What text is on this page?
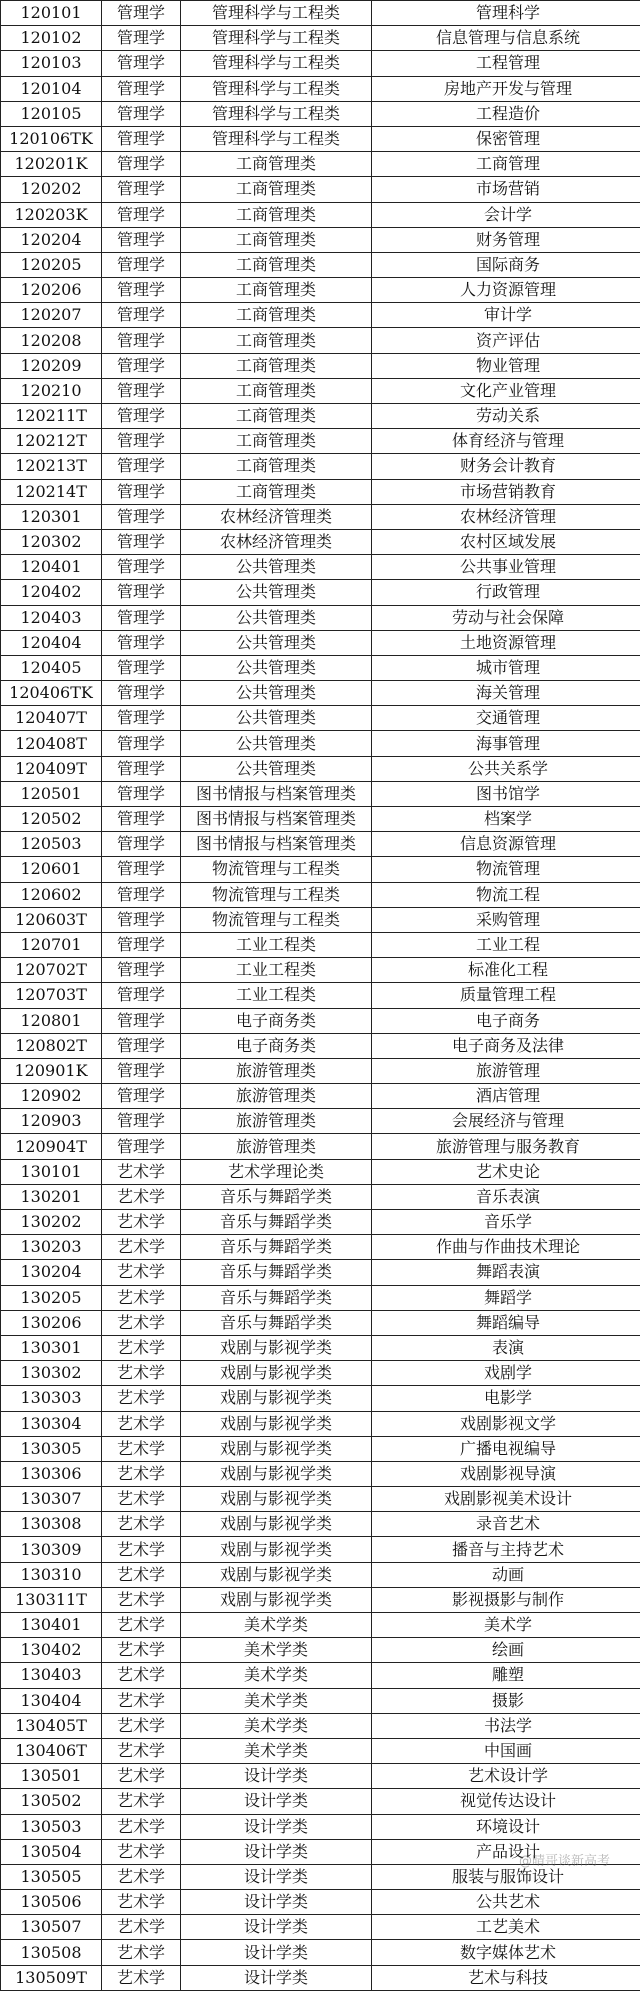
120101	管理学	管理科学与工程类	管理科学
120102	管理学	管理科学与工程类	信息管理与信息系统
120103	管理学	管理科学与工程类	工程管理
120104	管理学	管理科学与工程类	房地产开发与管理
120105	管理学	管理科学与工程类	工程造价
120106TK	管理学	管理科学与工程类	保密管理
120201K	管理学	工商管理类	工商管理
120202	管理学	工商管理类	市场营销
120203K	管理学	工商管理类	会计学
120204	管理学	工商管理类	财务管理
120205	管理学	工商管理类	国际商务
120206	管理学	工商管理类	人力资源管理
120207	管理学	工商管理类	审计学
120208	管理学	工商管理类	资产评估
120209	管理学	工商管理类	物业管理
120210	管理学	工商管理类	文化产业管理
120211T	管理学	工商管理类	劳动关系
120212T	管理学	工商管理类	体育经济与管理
120213T	管理学	工商管理类	财务会计教育
120214T	管理学	工商管理类	市场营销教育
120301	管理学	农林经济管理类	农林经济管理
120302	管理学	农林经济管理类	农村区域发展
120401	管理学	公共管理类	公共事业管理
120402	管理学	公共管理类	行政管理
120403	管理学	公共管理类	劳动与社会保障
120404	管理学	公共管理类	土地资源管理
120405	管理学	公共管理类	城市管理
120406TK	管理学	公共管理类	海关管理
120407T	管理学	公共管理类	交通管理
120408T	管理学	公共管理类	海事管理
120409T	管理学	公共管理类	公共关系学
120501	管理学	图书情报与档案管理类	图书馆学
120502	管理学	图书情报与档案管理类	档案学
120503	管理学	图书情报与档案管理类	信息资源管理
120601	管理学	物流管理与工程类	物流管理
120602	管理学	物流管理与工程类	物流工程
120603T	管理学	物流管理与工程类	采购管理
120701	管理学	工业工程类	工业工程
120702T	管理学	工业工程类	标准化工程
120703T	管理学	工业工程类	质量管理工程
120801	管理学	电子商务类	电子商务
120802T	管理学	电子商务类	电子商务及法律
120901K	管理学	旅游管理类	旅游管理
120902	管理学	旅游管理类	酒店管理
120903	管理学	旅游管理类	会展经济与管理
120904T	管理学	旅游管理类	旅游管理与服务教育
130101	艺术学	艺术学理论类	艺术史论
130201	艺术学	音乐与舞蹈学类	音乐表演
130202	艺术学	音乐与舞蹈学类	音乐学
130203	艺术学	音乐与舞蹈学类	作曲与作曲技术理论
130204	艺术学	音乐与舞蹈学类	舞蹈表演
130205	艺术学	音乐与舞蹈学类	舞蹈学
130206	艺术学	音乐与舞蹈学类	舞蹈编导
130301	艺术学	戏剧与影视学类	表演
130302	艺术学	戏剧与影视学类	戏剧学
130303	艺术学	戏剧与影视学类	电影学
130304	艺术学	戏剧与影视学类	戏剧影视文学
130305	艺术学	戏剧与影视学类	广播电视编导
130306	艺术学	戏剧与影视学类	戏剧影视导演
130307	艺术学	戏剧与影视学类	戏剧影视美术设计
130308	艺术学	戏剧与影视学类	录音艺术
130309	艺术学	戏剧与影视学类	播音与主持艺术
130310	艺术学	戏剧与影视学类	动画
130311T	艺术学	戏剧与影视学类	影视摄影与制作
130401	艺术学	美术学类	美术学
130402	艺术学	美术学类	绘画
130403	艺术学	美术学类	雕塑
130404	艺术学	美术学类	摄影
130405T	艺术学	美术学类	书法学
130406T	艺术学	美术学类	中国画
130501	艺术学	设计学类	艺术设计学
130502	艺术学	设计学类	视觉传达设计
130503	艺术学	设计学类	环境设计
130504	艺术学	设计学类	产品设计
130505	艺术学	设计学类	服装与服饰设计
130506	艺术学	设计学类	公共艺术
130507	艺术学	设计学类	工艺美术
130508	艺术学	设计学类	数字媒体艺术
130509T	艺术学	设计学类	艺术与科技
@晴哥谈新高考
